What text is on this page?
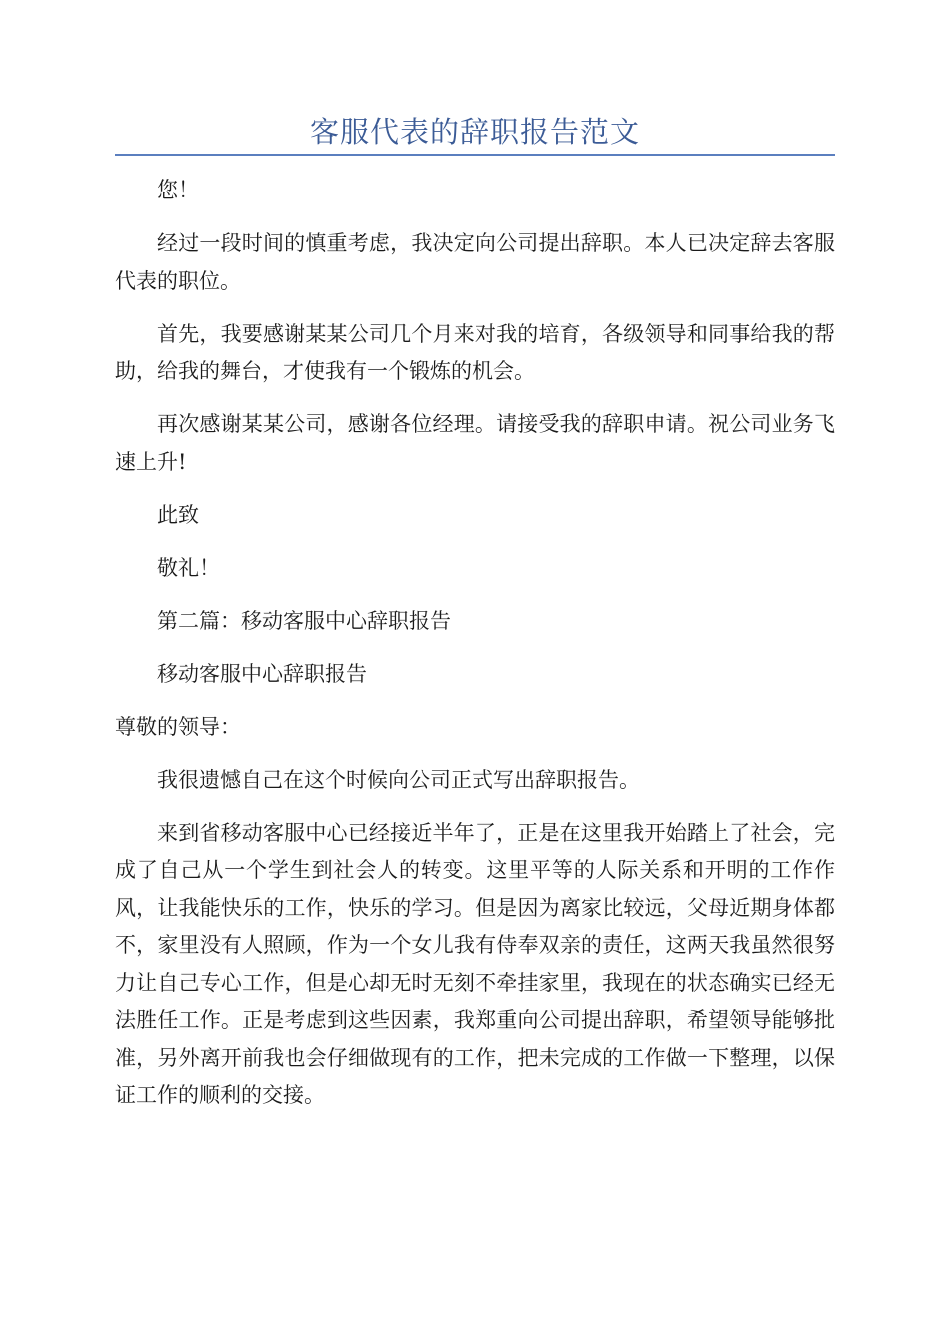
客服代表的辞职报告范文

您！

经过一段时间的慎重考虑，我决定向公司提出辞职。本人已决定辞去客服代表的职位。

首先，我要感谢某某公司几个月来对我的培育，各级领导和同事给我的帮助，给我的舞台，才使我有一个锻炼的机会。

再次感谢某某公司，感谢各位经理。请接受我的辞职申请。祝公司业务飞速上升!

此致

敬礼！

第二篇：移动客服中心辞职报告

移动客服中心辞职报告

尊敬的领导：

我很遗憾自己在这个时候向公司正式写出辞职报告。

来到省移动客服中心已经接近半年了，正是在这里我开始踏上了社会，完成了自己从一个学生到社会人的转变。这里平等的人际关系和开明的工作作风，让我能快乐的工作，快乐的学习。但是因为离家比较远，父母近期身体都不，家里没有人照顾，作为一个女儿我有侍奉双亲的责任，这两天我虽然很努力让自己专心工作，但是心却无时无刻不牵挂家里，我现在的状态确实已经无法胜任工作。正是考虑到这些因素，我郑重向公司提出辞职，希望领导能够批准，另外离开前我也会仔细做现有的工作，把未完成的工作做一下整理，以保证工作的顺利的交接。
